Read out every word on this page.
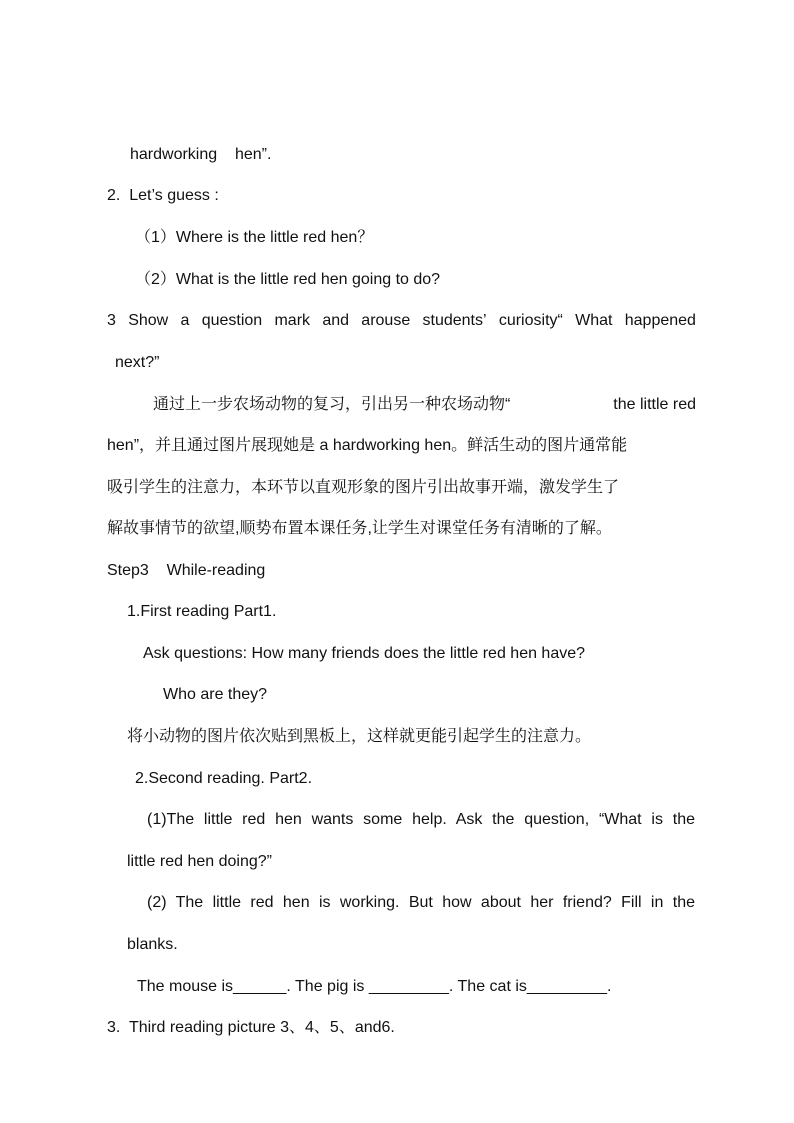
hardworking    hen”.
2.  Let’s guess :
（1）Where is the little red hen？
（2）What is the little red hen going to do?
3 Show a question mark and arouse students’ curiosity“ What happened
next?”
通过上一步农场动物的复习，引出另一种农场动物“	the little red
hen”，并且通过图片展现她是 a hardworking hen。鲜活生动的图片通常能
吸引学生的注意力，本环节以直观形象的图片引出故事开端，激发学生了
解故事情节的欲望,顺势布置本课任务,让学生对课堂任务有清晰的了解。
Step3    While-reading
1.First reading Part1.
Ask questions: How many friends does the little red hen have?
Who are they?
将小动物的图片依次贴到黑板上，这样就更能引起学生的注意力。
2.Second reading. Part2.
(1)The little red hen wants some help. Ask the question, “What is the
little red hen doing?”
(2) The little red hen is working. But how about her friend? Fill in the
blanks.
The mouse is______. The pig is _________. The cat is_________.
3.  Third reading picture 3、4、5、and6.
